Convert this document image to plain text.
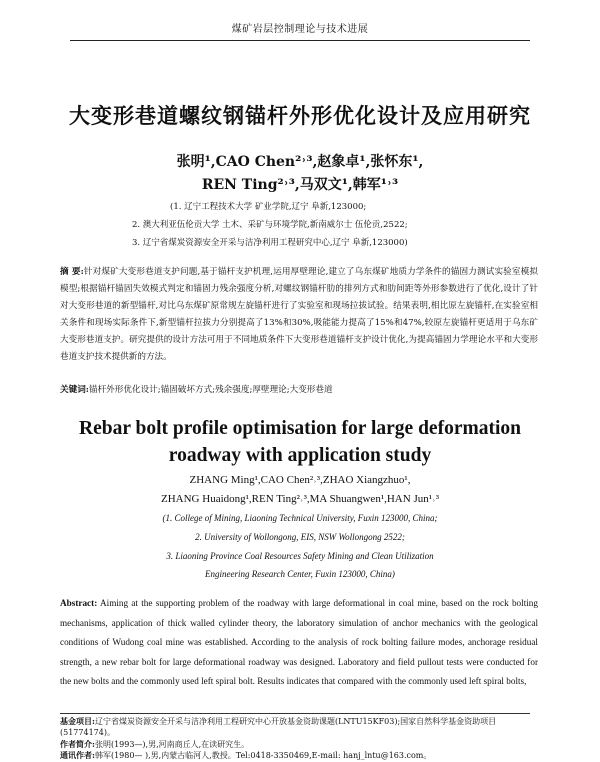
煤矿岩层控制理论与技术进展
大变形巷道螺纹钢锚杆外形优化设计及应用研究
张明¹,CAO Chen²˒³,赵象卓¹,张怀东¹,
REN Ting²˒³,马双文¹,韩军¹˒³
(1. 辽宁工程技术大学 矿业学院,辽宁 阜新,123000;
2. 澳大利亚伍伦贡大学 土木、采矿与环境学院,新南威尔士 伍伦贡,2522;
3. 辽宁省煤炭资源安全开采与洁净利用工程研究中心,辽宁 阜新,123000)
摘 要:针对煤矿大变形巷道支护问题,基于锚杆支护机理,运用厚壁理论,建立了乌东煤矿地质力学条件的锚固力测试实验室模拟模型;根据锚杆锚固失效模式判定和锚固力残余强度分析,对螺纹钢锚杆肋的排列方式和肋间距等外形参数进行了优化,设计了针对大变形巷道的新型锚杆,对比乌东煤矿原常规左旋锚杆进行了实验室和现场拉拔试验。结果表明,相比原左旋锚杆,在实验室相关条件和现场实际条件下,新型锚杆拉拔力分别提高了13%和30%,吸能能力提高了15%和47%,较原左旋锚杆更适用于乌东矿大变形巷道支护。研究提供的设计方法可用于不同地质条件下大变形巷道锚杆支护设计优化,为提高锚固力学理论水平和大变形巷道支护技术提供新的方法。
关键词:锚杆外形优化设计;锚固破坏方式;残余强度;厚壁理论;大变形巷道
Rebar bolt profile optimisation for large deformation
roadway with application study
ZHANG Ming¹,CAO Chen²˒³,ZHAO Xiangzhuo¹,
ZHANG Huaidong¹,REN Ting²˒³,MA Shuangwen¹,HAN Jun¹˒³
(1. College of Mining, Liaoning Technical University, Fuxin 123000, China;
2. University of Wollongong, EIS, NSW Wollongong 2522;
3. Liaoning Province Coal Resources Safety Mining and Clean Utilization
Engineering Research Center, Fuxin 123000, China)
Abstract: Aiming at the supporting problem of the roadway with large deformational in coal mine, based on the rock bolting mechanisms, application of thick walled cylinder theory, the laboratory simulation of anchor mechanics with the geological conditions of Wudong coal mine was established. According to the analysis of rock bolting failure modes, anchorage residual strength, a new rebar bolt for large deformational roadway was designed. Laboratory and field pullout tests were conducted for the new bolts and the commonly used left spiral bolt. Results indicates that compared with the commonly used left spiral bolts,
基金项目:辽宁省煤炭资源安全开采与洁净利用工程研究中心开放基金资助课题(LNTU15KF03);国家自然科学基金资助项目(51774174)。
作者简介:张明(1993—),男,河南商丘人,在读研究生。
通讯作者:韩军(1980— ),男,内蒙古临河人,教授。Tel:0418-3350469,E-mail: hanj_lntu@163.com。
